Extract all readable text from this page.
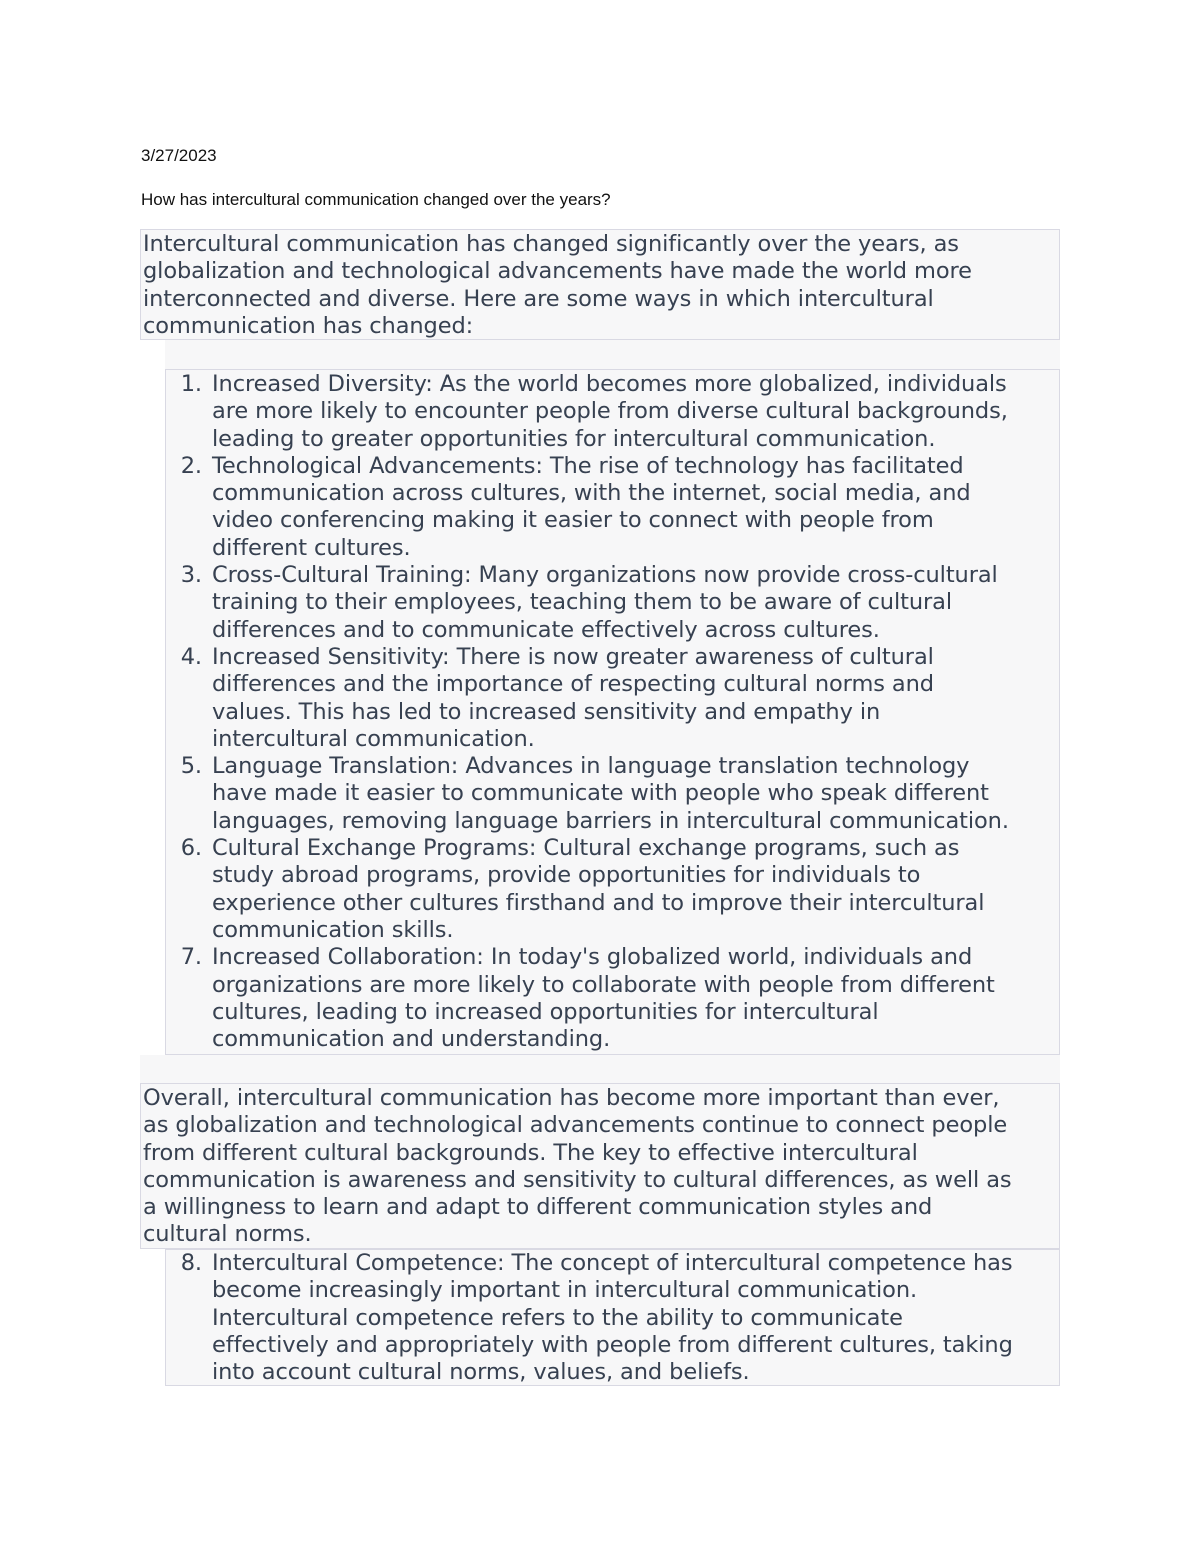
3/27/2023
How has intercultural communication changed over the years?

Intercultural communication has changed significantly over the years, as
globalization and technological advancements have made the world more
interconnected and diverse. Here are some ways in which intercultural
communication has changed:

1. Increased Diversity: As the world becomes more globalized, individuals
are more likely to encounter people from diverse cultural backgrounds,
leading to greater opportunities for intercultural communication.
2. Technological Advancements: The rise of technology has facilitated
communication across cultures, with the internet, social media, and
video conferencing making it easier to connect with people from
different cultures.
3. Cross-Cultural Training: Many organizations now provide cross-cultural
training to their employees, teaching them to be aware of cultural
differences and to communicate effectively across cultures.
4. Increased Sensitivity: There is now greater awareness of cultural
differences and the importance of respecting cultural norms and
values. This has led to increased sensitivity and empathy in
intercultural communication.
5. Language Translation: Advances in language translation technology
have made it easier to communicate with people who speak different
languages, removing language barriers in intercultural communication.
6. Cultural Exchange Programs: Cultural exchange programs, such as
study abroad programs, provide opportunities for individuals to
experience other cultures firsthand and to improve their intercultural
communication skills.
7. Increased Collaboration: In today's globalized world, individuals and
organizations are more likely to collaborate with people from different
cultures, leading to increased opportunities for intercultural
communication and understanding.

Overall, intercultural communication has become more important than ever,
as globalization and technological advancements continue to connect people
from different cultural backgrounds. The key to effective intercultural
communication is awareness and sensitivity to cultural differences, as well as
a willingness to learn and adapt to different communication styles and
cultural norms.

8. Intercultural Competence: The concept of intercultural competence has
become increasingly important in intercultural communication.
Intercultural competence refers to the ability to communicate
effectively and appropriately with people from different cultures, taking
into account cultural norms, values, and beliefs.
